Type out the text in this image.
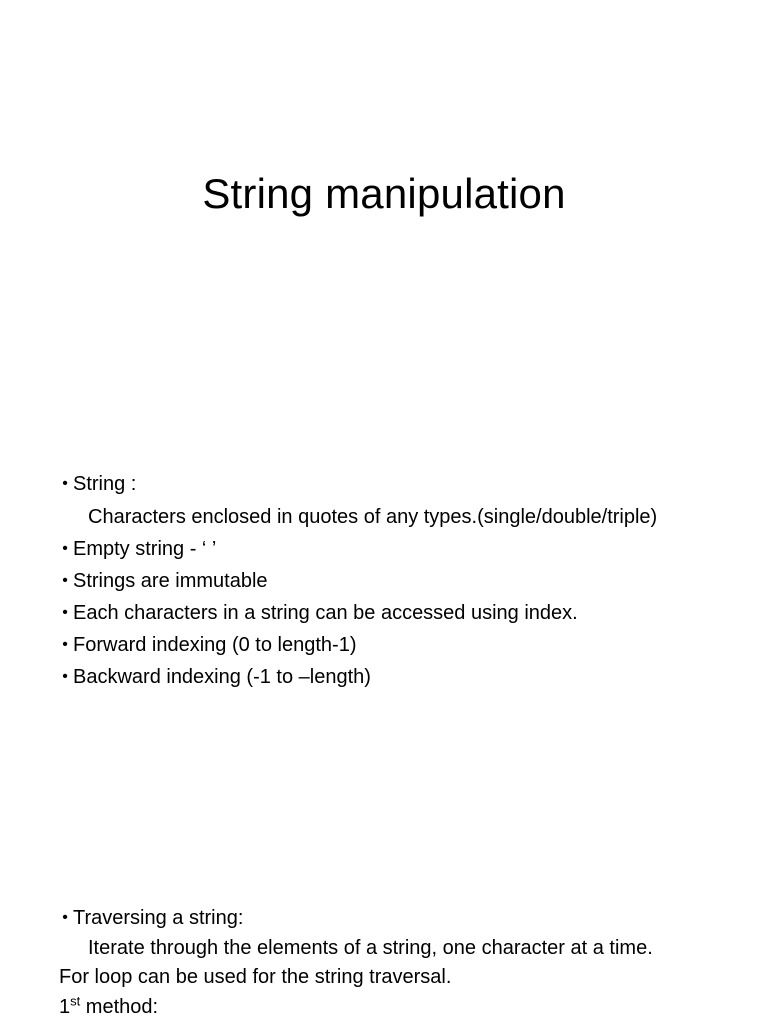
String manipulation
• String :
Characters enclosed in quotes of any types.(single/double/triple)
• Empty string - ‘ ’
• Strings are immutable
• Each characters in a string can be accessed using index.
• Forward indexing (0 to length-1)
• Backward indexing (-1 to –length)
• Traversing a string:
Iterate through the elements of a string, one character at a time.
For loop can be used for the string traversal.
1st method:
